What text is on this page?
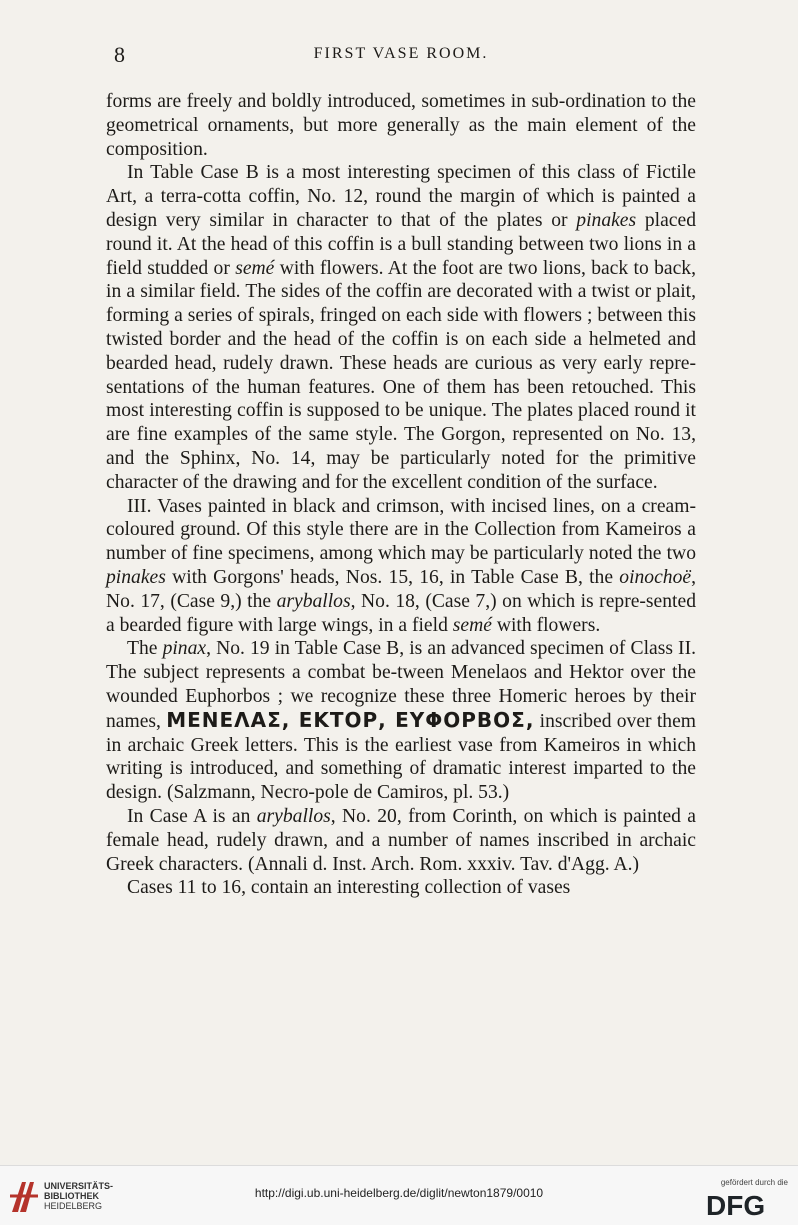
8	FIRST VASE ROOM.

forms are freely and boldly introduced, sometimes in sub-ordination to the geometrical ornaments, but more generally as the main element of the composition.

In Table Case B is a most interesting specimen of this class of Fictile Art, a terra-cotta coffin, No. 12, round the margin of which is painted a design very similar in character to that of the plates or pinakes placed round it. At the head of this coffin is a bull standing between two lions in a field studded or semé with flowers. At the foot are two lions, back to back, in a similar field. The sides of the coffin are decorated with a twist or plait, forming a series of spirals, fringed on each side with flowers ; between this twisted border and the head of the coffin is on each side a helmeted and bearded head, rudely drawn. These heads are curious as very early repre-sentations of the human features. One of them has been retouched. This most interesting coffin is supposed to be unique. The plates placed round it are fine examples of the same style. The Gorgon, represented on No. 13, and the Sphinx, No. 14, may be particularly noted for the primitive character of the drawing and for the excellent condition of the surface.

III. Vases painted in black and crimson, with incised lines, on a cream-coloured ground. Of this style there are in the Collection from Kameiros a number of fine specimens, among which may be particularly noted the two pinakes with Gorgons' heads, Nos. 15, 16, in Table Case B, the oinochoë, No. 17, (Case 9,) the aryballos, No. 18, (Case 7,) on which is repre-sented a bearded figure with large wings, in a field semé with flowers.

The pinax, No. 19 in Table Case B, is an advanced specimen of Class II. The subject represents a combat be-tween Menelaos and Hektor over the wounded Euphorbos ; we recognize these three Homeric heroes by their names, ΜΕΝΕΛΑΣ, ΕΚΤΟΡ, ΕΥΦΟΡΒΟΣ, inscribed over them in archaic Greek letters. This is the earliest vase from Kameiros in which writing is introduced, and something of dramatic interest imparted to the design. (Salzmann, Necro-pole de Camiros, pl. 53.)

In Case A is an aryballos, No. 20, from Corinth, on which is painted a female head, rudely drawn, and a number of names inscribed in archaic Greek characters. (Annali d. Inst. Arch. Rom. xxxiv. Tav. d'Agg. A.)

Cases 11 to 16, contain an interesting collection of vases

UNIVERSITÄTS-
BIBLIOTHEK
HEIDELBERG
http://digi.ub.uni-heidelberg.de/diglit/newton1879/0010
gefördert durch die
DFG
